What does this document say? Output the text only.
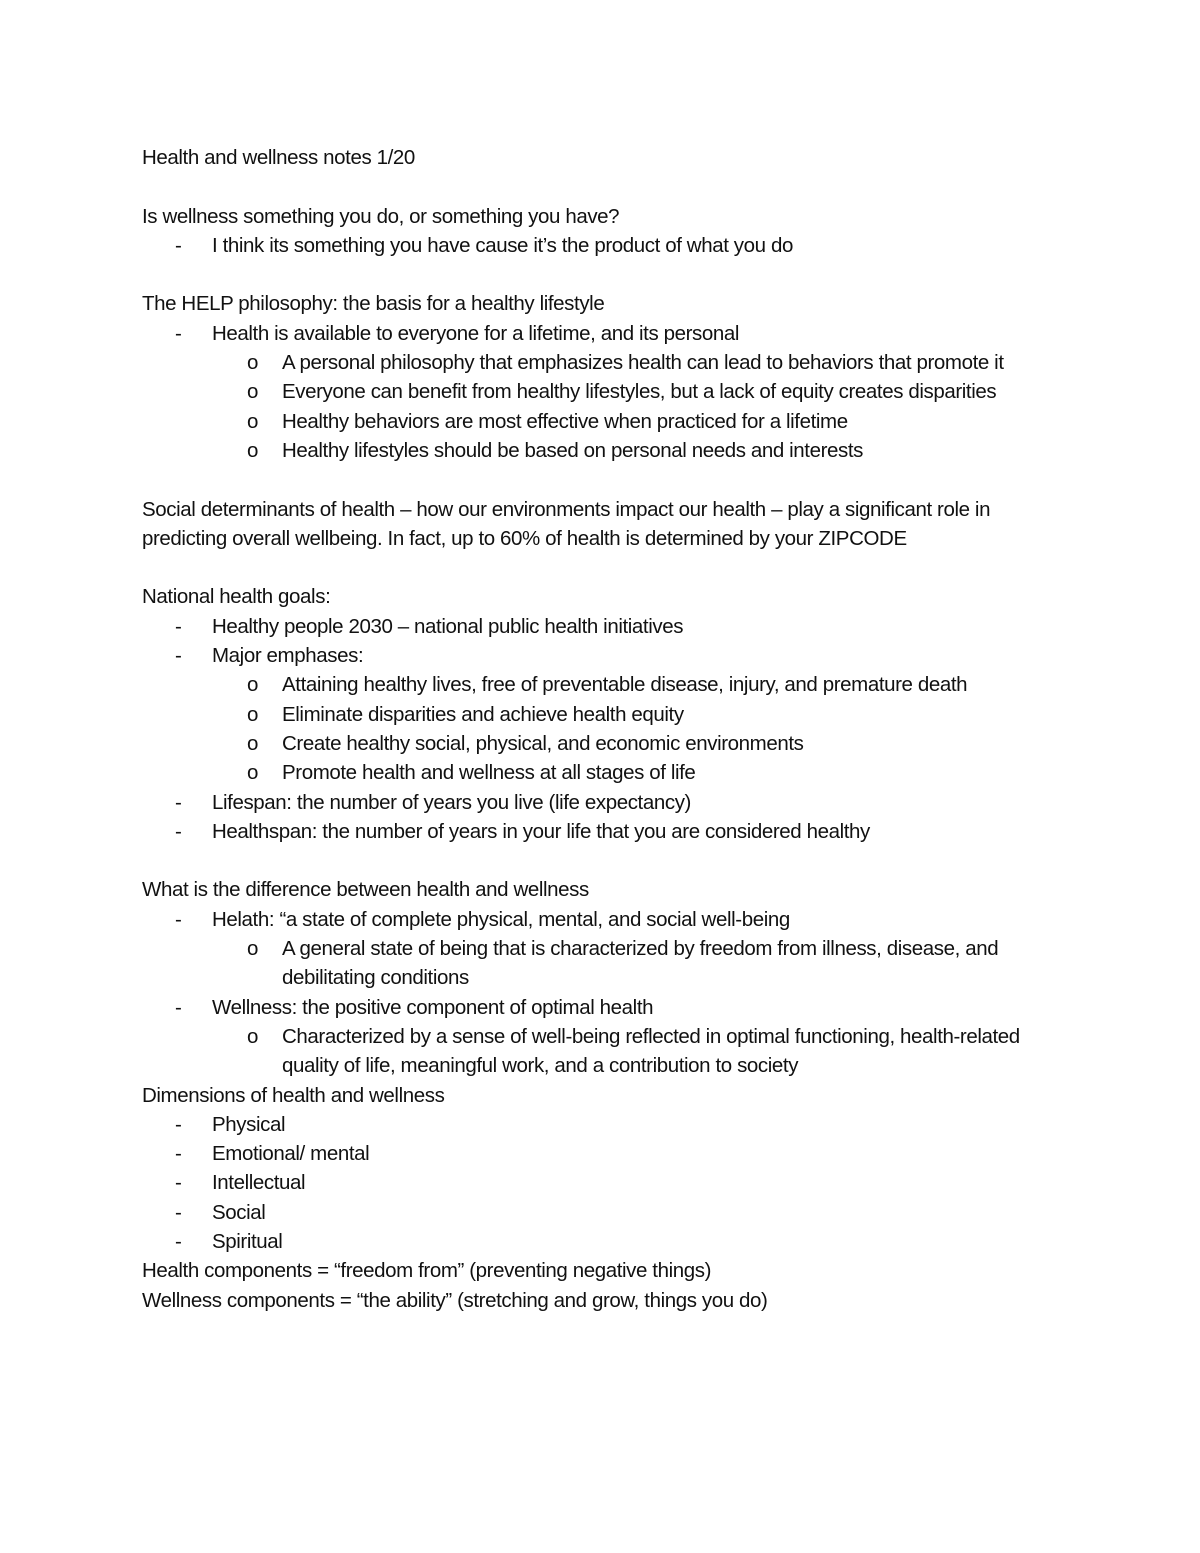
Health and wellness notes 1/20
Is wellness something you do, or something you have?
- I think its something you have cause it’s the product of what you do
The HELP philosophy: the basis for a healthy lifestyle
- Health is available to everyone for a lifetime, and its personal
o A personal philosophy that emphasizes health can lead to behaviors that promote it
o Everyone can benefit from healthy lifestyles, but a lack of equity creates disparities
o Healthy behaviors are most effective when practiced for a lifetime
o Healthy lifestyles should be based on personal needs and interests
Social determinants of health – how our environments impact our health – play a significant role in predicting overall wellbeing. In fact, up to 60% of health is determined by your ZIPCODE
National health goals:
- Healthy people 2030 – national public health initiatives
- Major emphases:
o Attaining healthy lives, free of preventable disease, injury, and premature death
o Eliminate disparities and achieve health equity
o Create healthy social, physical, and economic environments
o Promote health and wellness at all stages of life
- Lifespan: the number of years you live (life expectancy)
- Healthspan: the number of years in your life that you are considered healthy
What is the difference between health and wellness
- Helath: “a state of complete physical, mental, and social well-being
o A general state of being that is characterized by freedom from illness, disease, and debilitating conditions
- Wellness: the positive component of optimal health
o Characterized by a sense of well-being reflected in optimal functioning, health-related quality of life, meaningful work, and a contribution to society
Dimensions of health and wellness
- Physical
- Emotional/ mental
- Intellectual
- Social
- Spiritual
Health components = “freedom from” (preventing negative things)
Wellness components = “the ability” (stretching and grow, things you do)
